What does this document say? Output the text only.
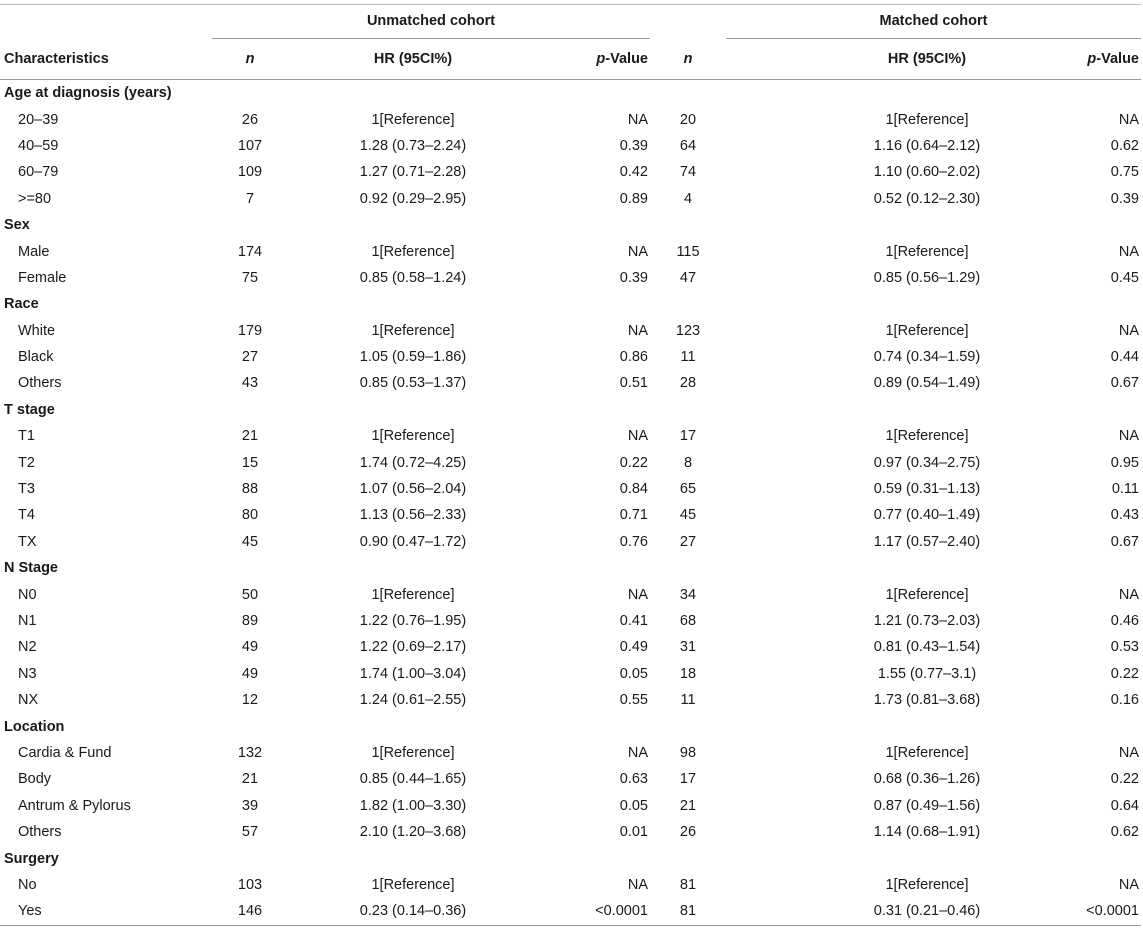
	Unmatched cohort				Matched cohort		

Characteristics	n	HR (95CI%)	p-Value	n		HR (95CI%)	p-Value
Age at diagnosis (years)							
20–39	26	1[Reference]	NA	20		1[Reference]	NA
40–59	107	1.28 (0.73–2.24)	0.39	64		1.16 (0.64–2.12)	0.62
60–79	109	1.27 (0.71–2.28)	0.42	74		1.10 (0.60–2.02)	0.75
>=80	7	0.92 (0.29–2.95)	0.89	4		0.52 (0.12–2.30)	0.39
Sex							
Male	174	1[Reference]	NA	115		1[Reference]	NA
Female	75	0.85 (0.58–1.24)	0.39	47		0.85 (0.56–1.29)	0.45
Race							
White	179	1[Reference]	NA	123		1[Reference]	NA
Black	27	1.05 (0.59–1.86)	0.86	11		0.74 (0.34–1.59)	0.44
Others	43	0.85 (0.53–1.37)	0.51	28		0.89 (0.54–1.49)	0.67
T stage							
T1	21	1[Reference]	NA	17		1[Reference]	NA
T2	15	1.74 (0.72–4.25)	0.22	8		0.97 (0.34–2.75)	0.95
T3	88	1.07 (0.56–2.04)	0.84	65		0.59 (0.31–1.13)	0.11
T4	80	1.13 (0.56–2.33)	0.71	45		0.77 (0.40–1.49)	0.43
TX	45	0.90 (0.47–1.72)	0.76	27		1.17 (0.57–2.40)	0.67
N Stage							
N0	50	1[Reference]	NA	34		1[Reference]	NA
N1	89	1.22 (0.76–1.95)	0.41	68		1.21 (0.73–2.03)	0.46
N2	49	1.22 (0.69–2.17)	0.49	31		0.81 (0.43–1.54)	0.53
N3	49	1.74 (1.00–3.04)	0.05	18		1.55 (0.77–3.1)	0.22
NX	12	1.24 (0.61–2.55)	0.55	11		1.73 (0.81–3.68)	0.16
Location							
Cardia & Fund	132	1[Reference]	NA	98		1[Reference]	NA
Body	21	0.85 (0.44–1.65)	0.63	17		0.68 (0.36–1.26)	0.22
Antrum & Pylorus	39	1.82 (1.00–3.30)	0.05	21		0.87 (0.49–1.56)	0.64
Others	57	2.10 (1.20–3.68)	0.01	26		1.14 (0.68–1.91)	0.62
Surgery							
No	103	1[Reference]	NA	81		1[Reference]	NA
Yes	146	0.23 (0.14–0.36)	<0.0001	81		0.31 (0.21–0.46)	<0.0001
